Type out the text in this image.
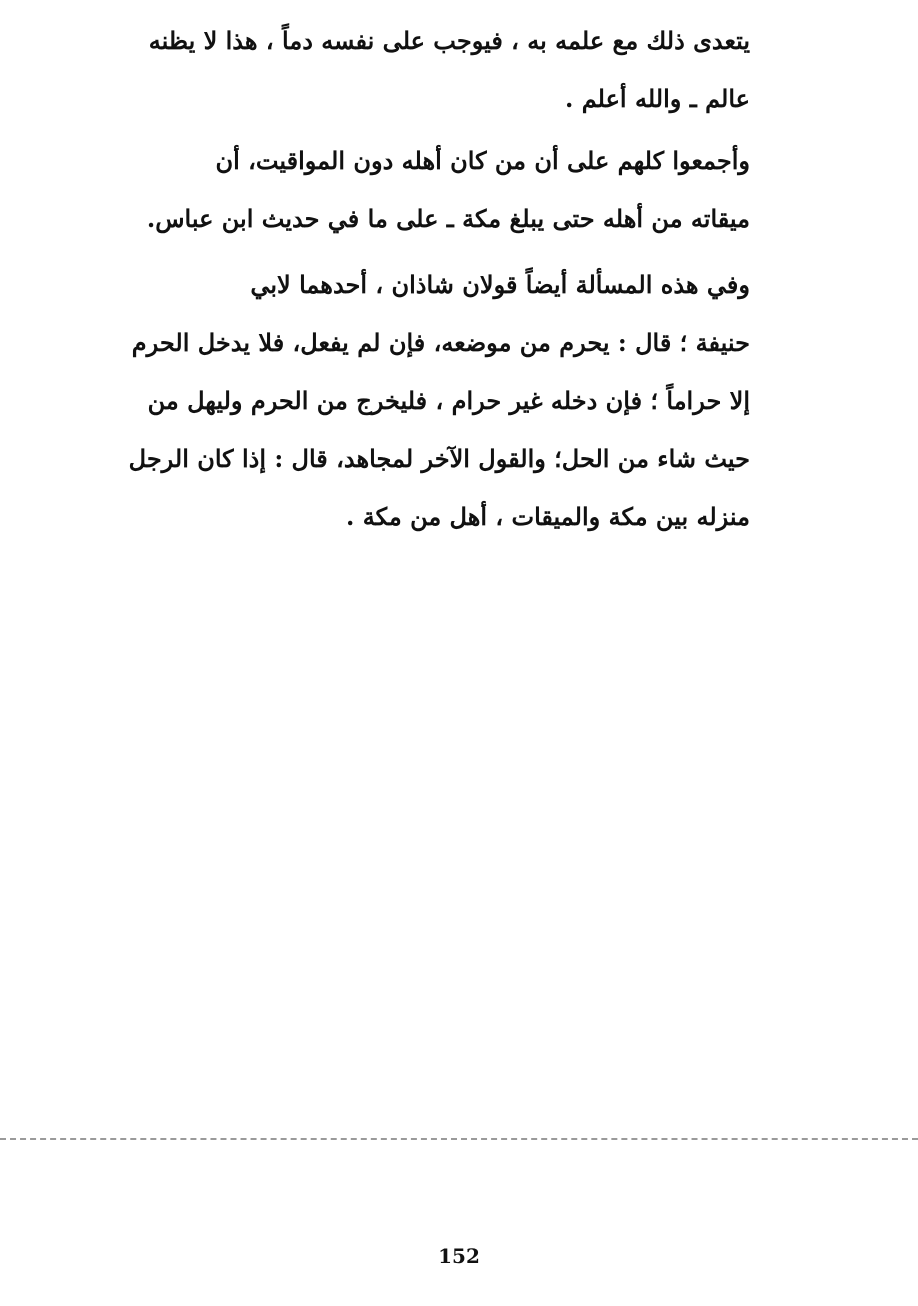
يتعدى ذلك مع علمه به ، فيوجب على نفسه دماً ، هذا لا يظنه
عالم ـ والله أعلم .

وأجمعوا كلهم على أن من كان أهله دون المواقيت، أن
ميقاته من أهله حتى يبلغ مكة ـ على ما في حديث ابن عباس.

وفي هذه المسألة أيضاً قولان شاذان ، أحدهما لابي
حنيفة ؛ قال : يحرم من موضعه، فإن لم يفعل، فلا يدخل الحرم
إلا حراماً ؛ فإن دخله غير حرام ، فليخرج من الحرم وليهل من
حيث شاء من الحل؛ والقول الآخر لمجاهد، قال : إذا كان الرجل
منزله بين مكة والميقات ، أهل من مكة .

152
